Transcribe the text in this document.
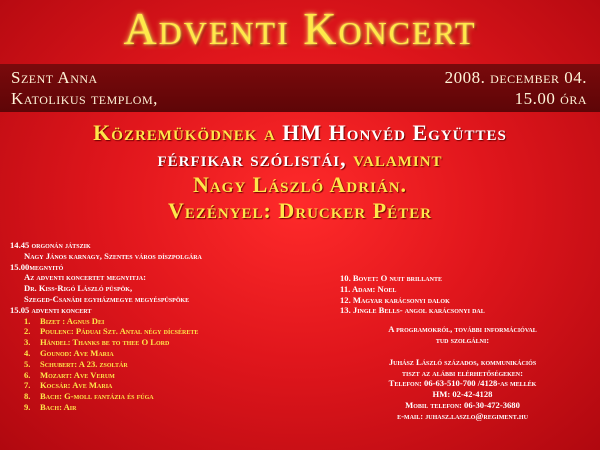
Adventi Koncert
Szent Anna
Katolikus templom,
2008. december 04.
15.00 óra
Közremüködnek a HM Honvéd Együttes
férfikar szólistái, valamint
Nagy László Adrián.
Vezényel: Drucker Péter
14.45 orgonán játszik
Nagy János karnagy, Szentes város díszpolgára
15.00megnyitó
Az adventi koncertet megnyitja:
Dr. Kiss-Rigó László püspök,
Szeged-Csanádi egyházmegye megyéspüspöke
15.05 adventi koncert
1. Bizet : Agnus Dei
2. Poulenc: Páduai Szt. Antal négy dícsérete
3. Händel: Thanks be to thee O Lord
4. Gounod: Ave Maria
5. Schubert: A 23. zsoltár
6. Mozart: Ave Verum
7. Kocsár: Ave Maria
8. Bach: G-moll fantázia és fúga
9. Bach: Air
10. Bovet: O nuit brillante
11. Adam: Noel
12. Magyar karácsonyi dalok
13. Jingle Bells- angol karácsonyi dal
A programokról, további információval
tud szolgálni:
Juhász László százados, kommunikációs
tiszt az alábbi elérhetőségeken:
Telefon: 06-63-510-700 /4128-as mellék
HM: 02-42-4128
Mobil telefon: 06-30-472-3680
e-mail: juhasz.laszlo@regiment.hu
